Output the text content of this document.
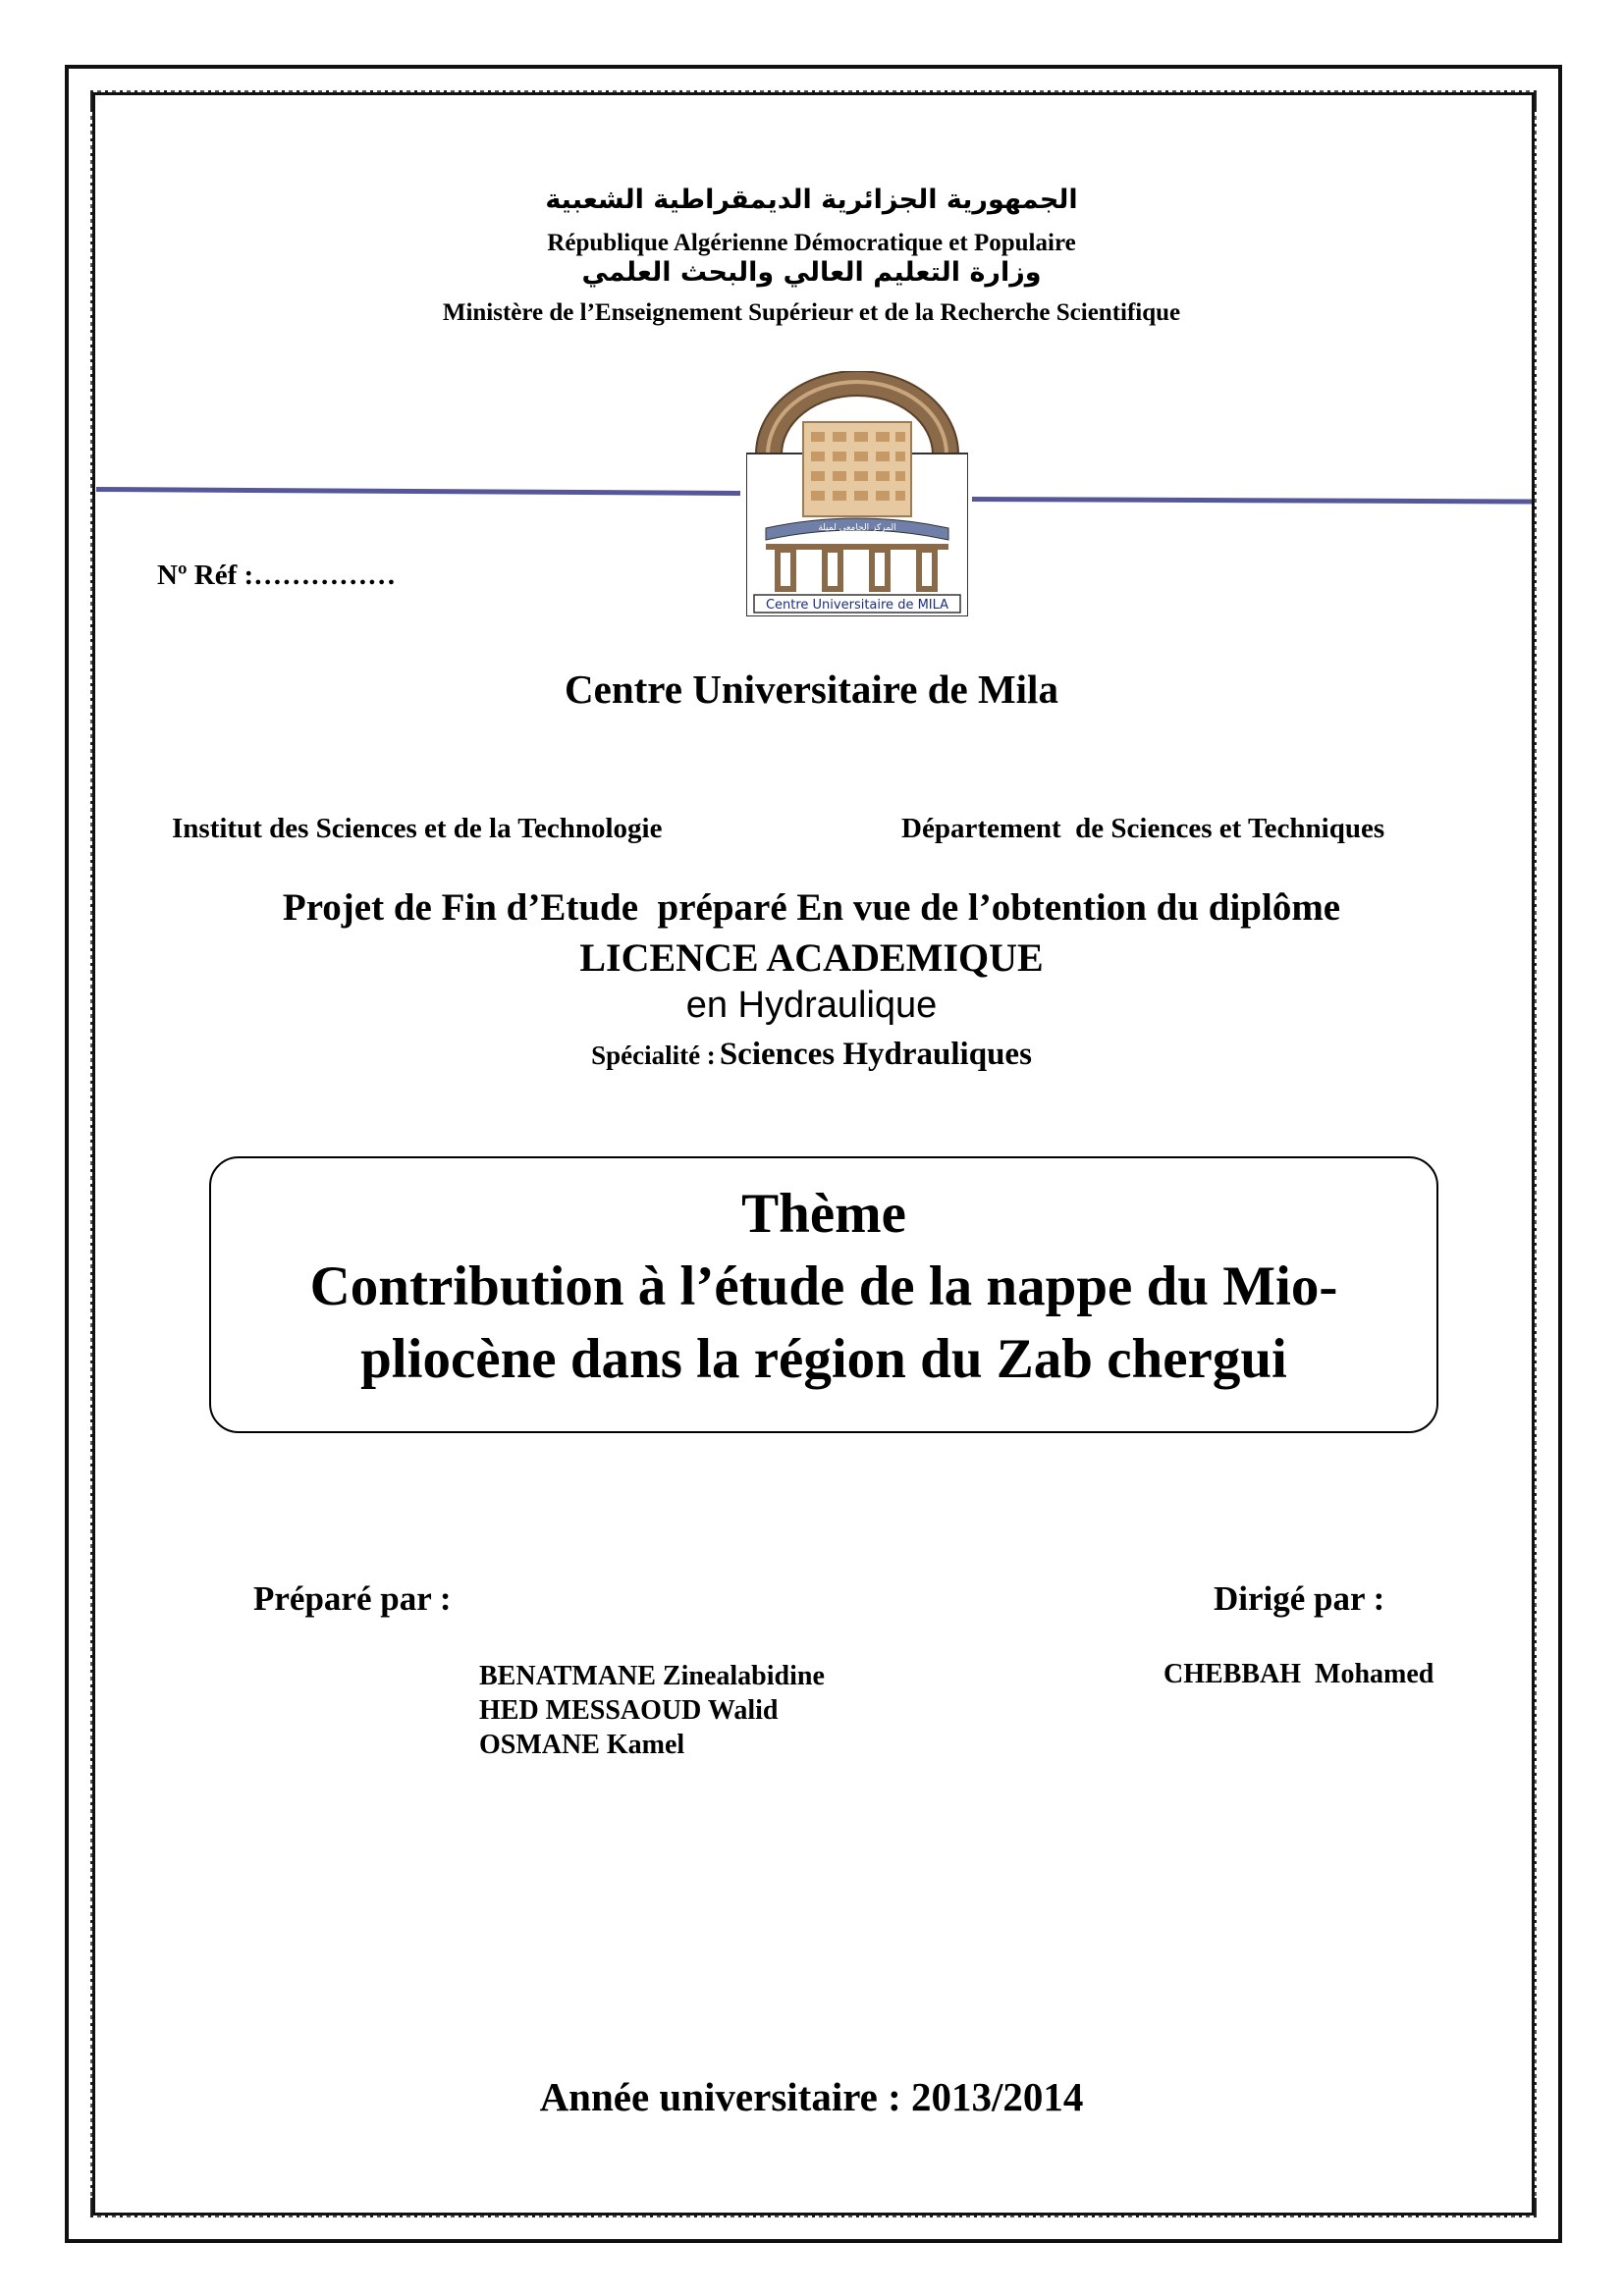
الجمهورية الجزائرية الديمقراطية الشعبية
République Algérienne Démocratique et Populaire
وزارة التعليم العالي والبحث العلمي
Ministère de l’Enseignement Supérieur et de la Recherche Scientifique
المركز الجامعي لميلة
Centre Universitaire de MILA
Nº Réf :……………
Centre Universitaire de Mila
Institut des Sciences et de la Technologie	Département  de Sciences et Techniques
Projet de Fin d’Etude  préparé En vue de l’obtention du diplôme
LICENCE ACADEMIQUE
en Hydraulique
Spécialité : Sciences Hydrauliques
Thème
Contribution à l’étude de la nappe du Mio-
pliocène dans la région du Zab chergui
Préparé par :	Dirigé par :
BENATMANE Zinealabidine
HED MESSAOUD Walid
OSMANE Kamel
CHEBBAH  Mohamed
Année universitaire : 2013/2014
